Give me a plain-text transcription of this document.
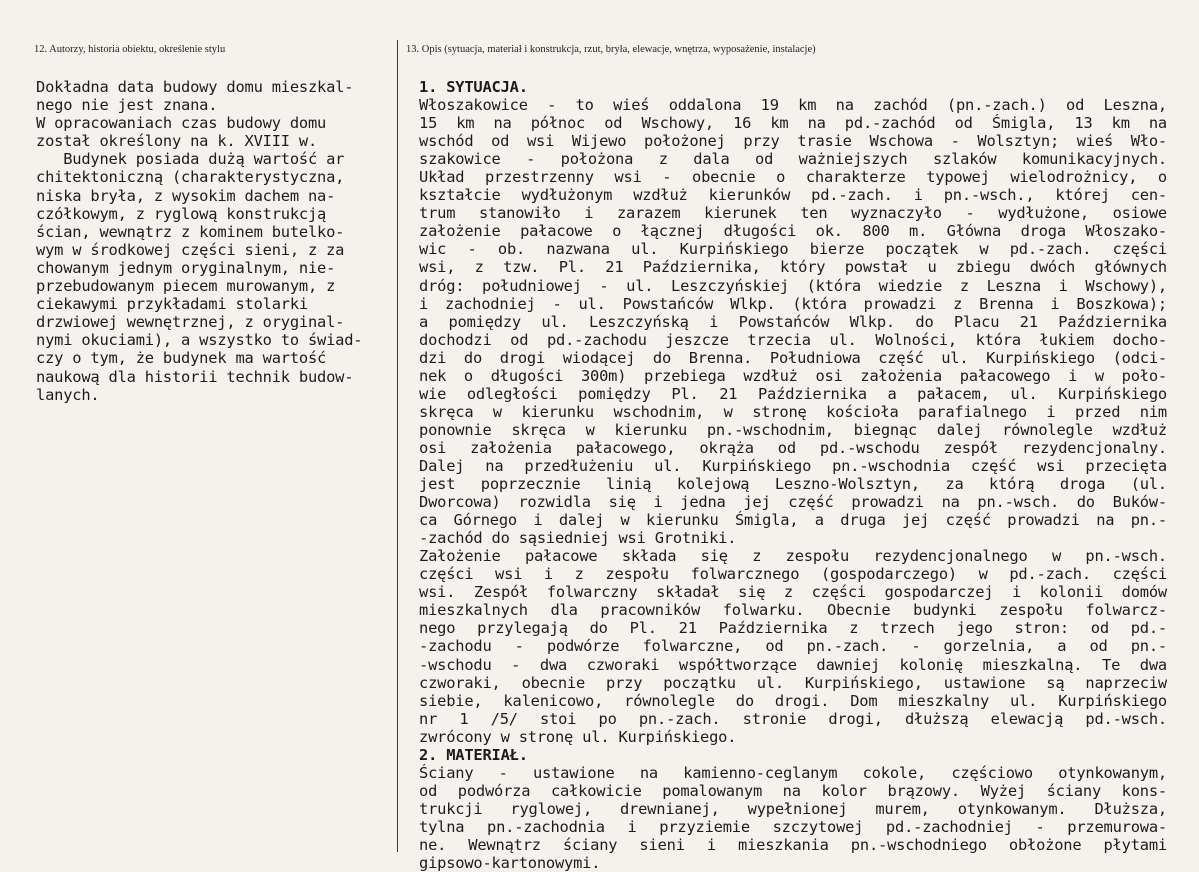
12. Autorzy, historia obiektu, określenie stylu	13. Opis (sytuacja, materiał i konstrukcja, rzut, bryła, elewacje, wnętrza, wyposażenie, instalacje)
Dokładna data budowy domu mieszkal-
nego nie jest znana.
W opracowaniach czas budowy domu
został określony na k. XVIII w.
Budynek posiada dużą wartość ar
chitektoniczną (charakterystyczna,
niska bryła, z wysokim dachem na-
czółkowym, z ryglową konstrukcją
ścian, wewnątrz z kominem butelko-
wym w środkowej części sieni, z za
chowanym jednym oryginalnym, nie-
przebudowanym piecem murowanym, z
ciekawymi przykładami stolarki
drzwiowej wewnętrznej, z oryginal-
nymi okuciami), a wszystko to świad-
czy o tym, że budynek ma wartość
naukową dla historii technik budow-
lanych.
1. SYTUACJA.
Włoszakowice - to wieś oddalona 19 km na zachód (pn.-zach.) od Leszna,
15 km na północ od Wschowy, 16 km na pd.-zachód od Śmigla, 13 km na
wschód od wsi Wijewo położonej przy trasie Wschowa - Wolsztyn; wieś Wło-
szakowice - położona z dala od ważniejszych szlaków komunikacyjnych.
Układ przestrzenny wsi - obecnie o charakterze typowej wielodrożnicy, o
kształcie wydłużonym wzdłuż kierunków pd.-zach. i pn.-wsch., której cen-
trum stanowiło i zarazem kierunek ten wyznaczyło - wydłużone, osiowe
założenie pałacowe o łącznej długości ok. 800 m. Główna droga Włoszako-
wic - ob. nazwana ul. Kurpińskiego bierze początek w pd.-zach. części
wsi, z tzw. Pl. 21 Października, który powstał u zbiegu dwóch głównych
dróg: południowej - ul. Leszczyńskiej (która wiedzie z Leszna i Wschowy),
i zachodniej - ul. Powstańców Wlkp. (która prowadzi z Brenna i Boszkowa);
a pomiędzy ul. Leszczyńską i Powstańców Wlkp. do Placu 21 Października
dochodzi od pd.-zachodu jeszcze trzecia ul. Wolności, która łukiem docho-
dzi do drogi wiodącej do Brenna. Południowa część ul. Kurpińskiego (odci-
nek o długości 300m) przebiega wzdłuż osi założenia pałacowego i w poło-
wie odległości pomiędzy Pl. 21 Października a pałacem, ul. Kurpińskiego
skręca w kierunku wschodnim, w stronę kościoła parafialnego i przed nim
ponownie skręca w kierunku pn.-wschodnim, biegnąc dalej równolegle wzdłuż
osi założenia pałacowego, okrąża od pd.-wschodu zespół rezydencjonalny.
Dalej na przedłużeniu ul. Kurpińskiego pn.-wschodnia część wsi przecięta
jest poprzecznie linią kolejową Leszno-Wolsztyn, za którą droga (ul.
Dworcowa) rozwidla się i jedna jej część prowadzi na pn.-wsch. do Buków-
ca Górnego i dalej w kierunku Śmigla, a druga jej część prowadzi na pn.-
-zachód do sąsiedniej wsi Grotniki.
Założenie pałacowe składa się z zespołu rezydencjonalnego w pn.-wsch.
części wsi i z zespołu folwarcznego (gospodarczego) w pd.-zach. części
wsi. Zespół folwarczny składał się z części gospodarczej i kolonii domów
mieszkalnych dla pracowników folwarku. Obecnie budynki zespołu folwarcz-
nego przylegają do Pl. 21 Października z trzech jego stron: od pd.-
-zachodu - podwórze folwarczne, od pn.-zach. - gorzelnia, a od pn.-
-wschodu - dwa czworaki współtworzące dawniej kolonię mieszkalną. Te dwa
czworaki, obecnie przy początku ul. Kurpińskiego, ustawione są naprzeciw
siebie, kalenicowo, równolegle do drogi. Dom mieszkalny ul. Kurpińskiego
nr 1 /5/ stoi po pn.-zach. stronie drogi, dłuższą elewacją pd.-wsch.
zwrócony w stronę ul. Kurpińskiego.
2. MATERIAŁ.
Ściany - ustawione na kamienno-ceglanym cokole, częściowo otynkowanym,
od podwórza całkowicie pomalowanym na kolor brązowy. Wyżej ściany kons-
trukcji ryglowej, drewnianej, wypełnionej murem, otynkowanym. Dłuższa,
tylna pn.-zachodnia i przyziemie szczytowej pd.-zachodniej - przemurowa-
ne. Wewnątrz ściany sieni i mieszkania pn.-wschodniego obłożone płytami
gipsowo-kartonowymi.
